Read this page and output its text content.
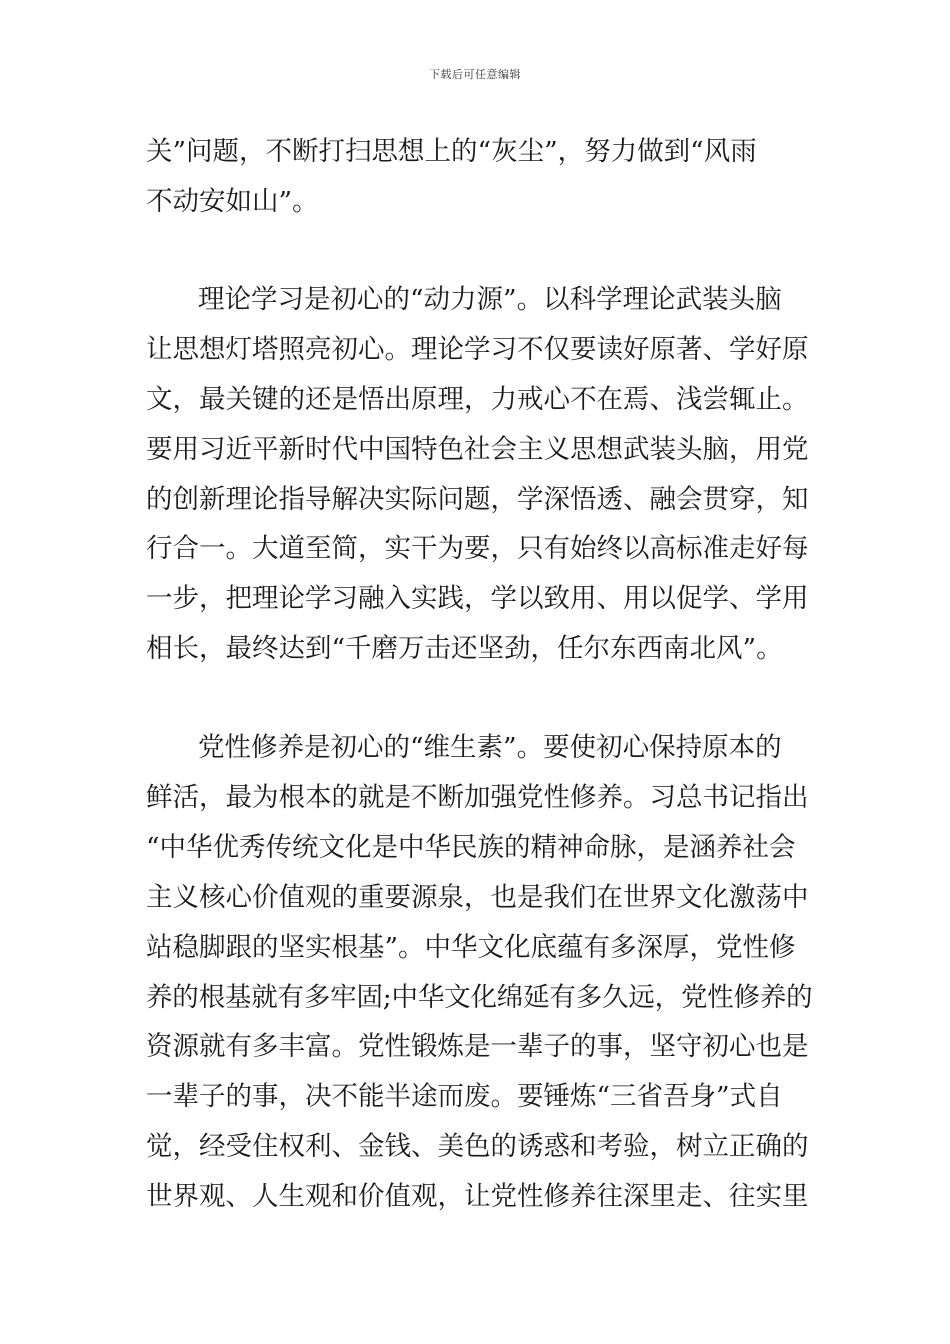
下载后可任意编辑
关”问题，不断打扫思想上的“灰尘”，努力做到“风雨
不动安如山”。
理论学习是初心的“动力源”。以科学理论武装头脑
让思想灯塔照亮初心。理论学习不仅要读好原著、学好原
文，最关键的还是悟出原理，力戒心不在焉、浅尝辄止。
要用习近平新时代中国特色社会主义思想武装头脑，用党
的创新理论指导解决实际问题，学深悟透、融会贯穿，知
行合一。大道至简，实干为要，只有始终以高标准走好每
一步，把理论学习融入实践，学以致用、用以促学、学用
相长，最终达到“千磨万击还坚劲，任尔东西南北风”。
党性修养是初心的“维生素”。要使初心保持原本的
鲜活，最为根本的就是不断加强党性修养。习总书记指出
“中华优秀传统文化是中华民族的精神命脉，是涵养社会
主义核心价值观的重要源泉，也是我们在世界文化激荡中
站稳脚跟的坚实根基”。中华文化底蕴有多深厚，党性修
养的根基就有多牢固;中华文化绵延有多久远，党性修养的
资源就有多丰富。党性锻炼是一辈子的事，坚守初心也是
一辈子的事，决不能半途而废。要锤炼“三省吾身”式自
觉，经受住权利、金钱、美色的诱惑和考验，树立正确的
世界观、人生观和价值观，让党性修养往深里走、往实里
